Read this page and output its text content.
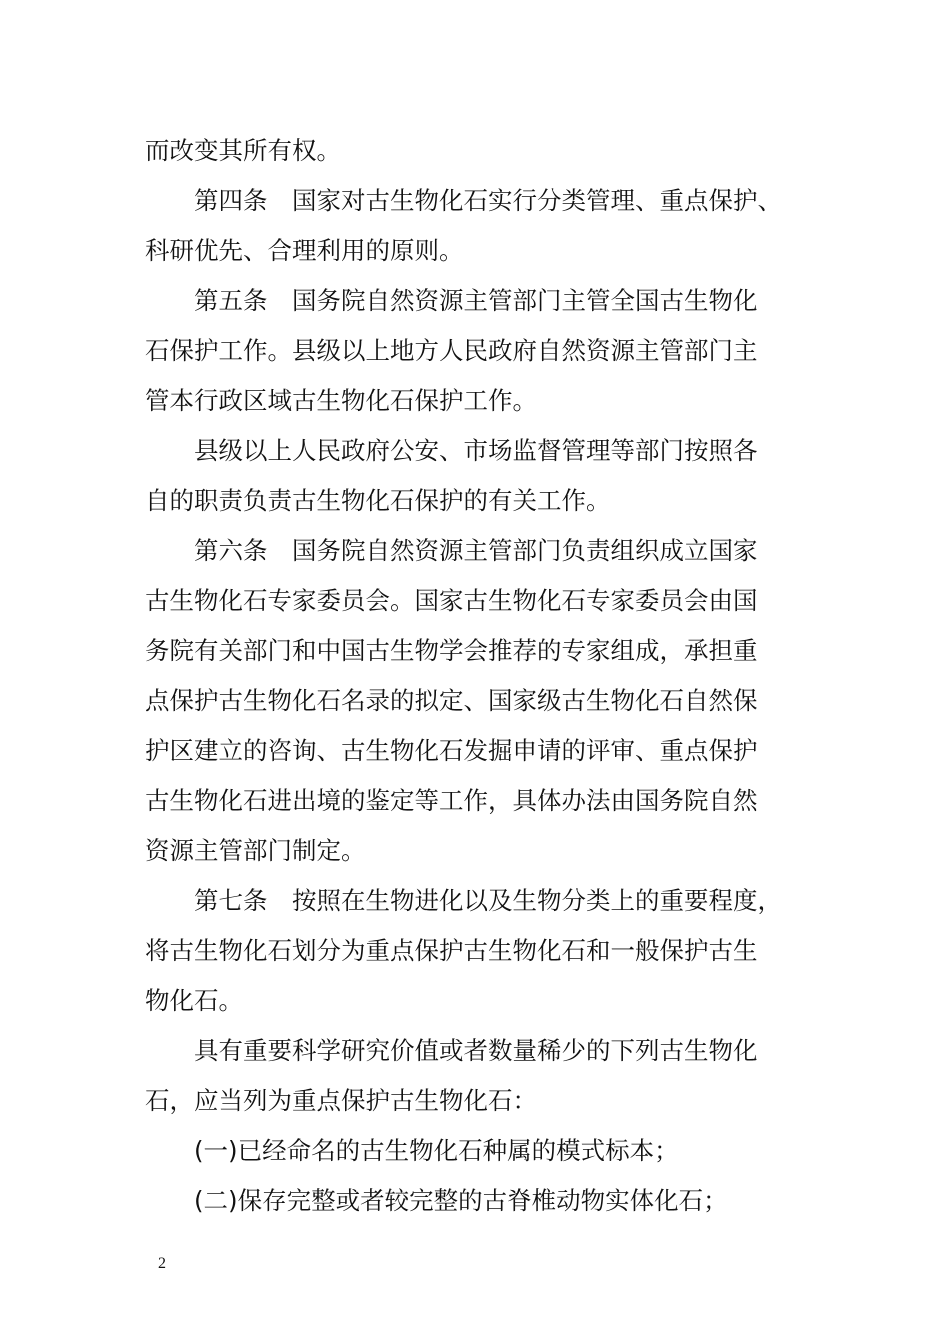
而改变其所有权。
第四条　国家对古生物化石实行分类管理、重点保护、
科研优先、合理利用的原则。
第五条　国务院自然资源主管部门主管全国古生物化
石保护工作。县级以上地方人民政府自然资源主管部门主
管本行政区域古生物化石保护工作。
县级以上人民政府公安、市场监督管理等部门按照各
自的职责负责古生物化石保护的有关工作。
第六条　国务院自然资源主管部门负责组织成立国家
古生物化石专家委员会。国家古生物化石专家委员会由国
务院有关部门和中国古生物学会推荐的专家组成，承担重
点保护古生物化石名录的拟定、国家级古生物化石自然保
护区建立的咨询、古生物化石发掘申请的评审、重点保护
古生物化石进出境的鉴定等工作，具体办法由国务院自然
资源主管部门制定。
第七条　按照在生物进化以及生物分类上的重要程度，
将古生物化石划分为重点保护古生物化石和一般保护古生
物化石。
具有重要科学研究价值或者数量稀少的下列古生物化
石，应当列为重点保护古生物化石：
(一)已经命名的古生物化石种属的模式标本；
(二)保存完整或者较完整的古脊椎动物实体化石；
2
